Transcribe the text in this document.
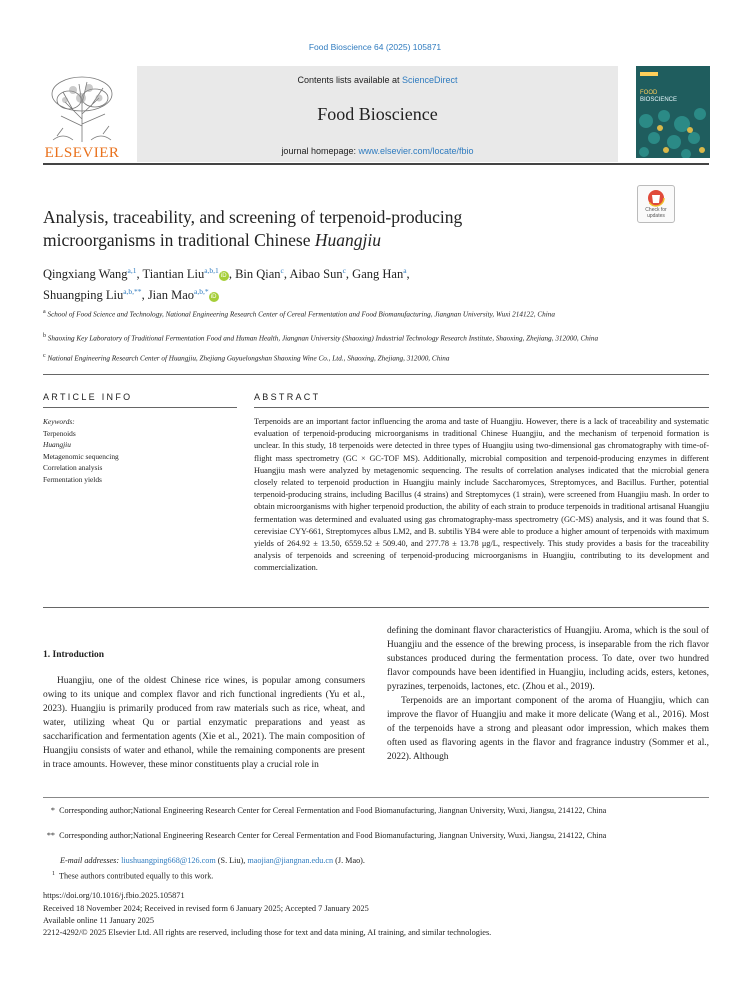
Food Bioscience 64 (2025) 105871
ELSEVIER
Contents lists available at ScienceDirect
Food Bioscience
journal homepage: www.elsevier.com/locate/fbio
FOOD
BIOSCIENCE
Check for updates
Analysis, traceability, and screening of terpenoid-producing
microorganisms in traditional Chinese Huangjiu
Qingxiang Wang$^{a,1}$, Tiantian Liu$^{a,b,1}$iD , Bin Qian$^c$, Aibao Sun$^c$, Gang Han$^a$,
Shuangping Liu$^{a,b,**}$, Jian Mao$^{a,b,*}$iD
$^a$ School of Food Science and Technology, National Engineering Research Center of Cereal Fermentation and Food Biomanufacturing, Jiangnan University, Wuxi 214122, China
$^b$ Shaoxing Key Laboratory of Traditional Fermentation Food and Human Health, Jiangnan University (Shaoxing) Industrial Technology Research Institute, Shaoxing, Zhejiang, 312000, China
$^c$ National Engineering Research Center of Huangjiu, Zhejiang Guyuelongshan Shaoxing Wine Co., Ltd., Shaoxing, Zhejiang, 312000, China
ARTICLE INFO	ABSTRACT
Keywords:
Terpenoids
Huangjiu
Metagenomic sequencing
Correlation analysis
Fermentation yields
Terpenoids are an important factor influencing the aroma and taste of Huangjiu. However, there is a lack of traceability and systematic evaluation of terpenoid-producing microorganisms in traditional Chinese Huangjiu, and the mechanism of terpenoid formation is unclear. In this study, 18 terpenoids were detected in three types of Huangjiu using two-dimensional gas chromatography with time-of-flight mass spectrometry (GC × GC-TOF MS). Additionally, microbial composition and terpenoid-producing enzymes in different Huangjiu mash were analyzed by metagenomic sequencing. The results of correlation analyses indicated that the microbial genera closely related to terpenoid production in Huangjiu mainly include Saccharomyces, Streptomyces, and Bacillus. Further, potential terpenoid-producing strains, including Bacillus (4 strains) and Streptomyces (1 strain), were screened from Huangjiu mash. In order to obtain microorganisms with higher terpenoid production, the ability of each strain to produce terpenoids in traditional artisanal Huangjiu fermentation was determined and evaluated using gas chromatography-mass spectrometry (GC-MS) analysis, and it was found that S. cerevisiae CYY-661, Streptomyces albus LM2, and B. subtilis YB4 were able to produce a higher amount of terpenoids with maximum yields of 264.92 ± 13.50, 6559.52 ± 509.40, and 277.78 ± 13.78 μg/L, respectively. This study provides a basis for the traceability analysis of terpenoids and screening of terpenoid-producing microorganisms in Huangjiu, contributing to its development and commercialization.
1. Introduction

Huangjiu, one of the oldest Chinese rice wines, is popular among consumers owing to its unique and complex flavor and rich functional ingredients (Yu et al., 2023). Huangjiu is primarily produced from raw materials such as rice, wheat, and water, utilizing wheat Qu or partial enzymatic preparations and yeast as saccharification and fermentation agents (Xie et al., 2021). The main composition of Huangjiu consists of water and ethanol, while the remaining components are present in trace amounts. However, these minor constituents play a crucial role in

defining the dominant flavor characteristics of Huangjiu. Aroma, which is the soul of Huangjiu and the essence of the brewing process, is inseparable from the rich flavor substances produced during the fermentation process. To date, over two hundred flavor compounds have been identified in Huangjiu, including acids, esters, ketones, pyrazines, terpenoids, lactones, etc. (Zhou et al., 2019).

Terpenoids are an important component of the aroma of Huangjiu, which can improve the flavor of Huangjiu and make it more delicate (Wang et al., 2016). Most of the terpenoids have a strong and pleasant odor impression, which makes them often used as flavoring agents in the flavor and fragrance industry (Sommer et al., 2022). Although

* Corresponding author;National Engineering Research Center for Cereal Fermentation and Food Biomanufacturing, Jiangnan University, Wuxi, Jiangsu, 214122, China
** Corresponding author;National Engineering Research Center for Cereal Fermentation and Food Biomanufacturing, Jiangnan University, Wuxi, Jiangsu, 214122, China
E-mail addresses: liushuangping668@126.com (S. Liu), maojian@jiangnan.edu.cn (J. Mao).
$^1$ These authors contributed equally to this work.
https://doi.org/10.1016/j.fbio.2025.105871
Received 18 November 2024; Received in revised form 6 January 2025; Accepted 7 January 2025
Available online 11 January 2025
2212-4292/© 2025 Elsevier Ltd. All rights are reserved, including those for text and data mining, AI training, and similar technologies.
